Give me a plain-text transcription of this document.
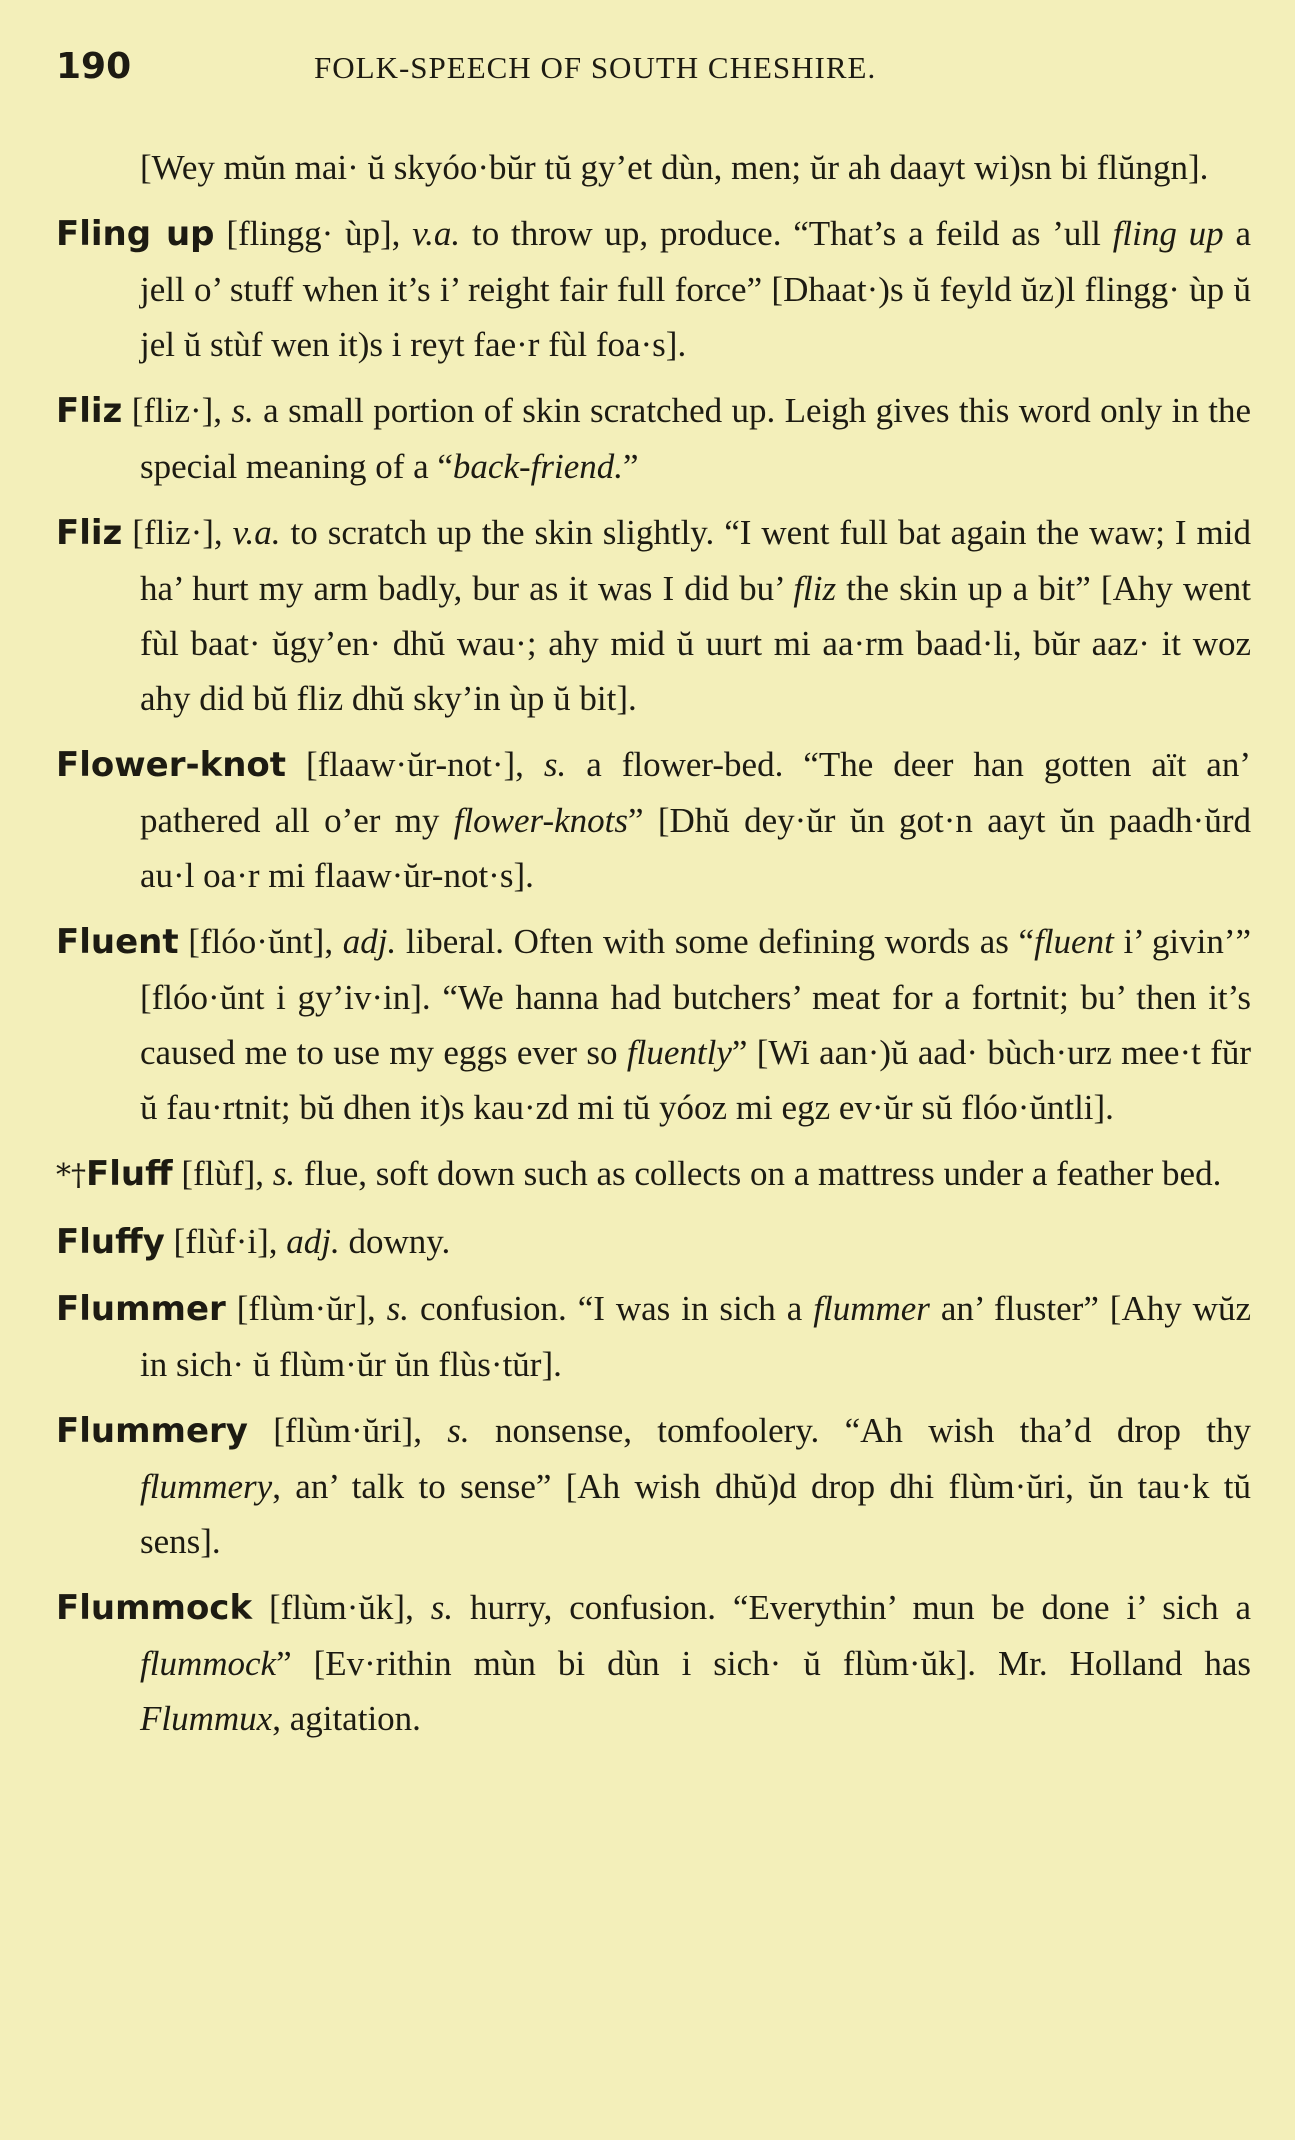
190	FOLK-SPEECH OF SOUTH CHESHIRE.

[Wey mŭn mai· ŭ skyóo·bŭr tŭ gy’et dùn, men; ŭr ah daayt wi)sn bi flŭngn].

Fling up [flingg· ùp], v.a. to throw up, produce. “That’s a feild as ’ull fling up a jell o’ stuff when it’s i’ reight fair full force” [Dhaat·)s ŭ feyld ŭz)l flingg· ùp ŭ jel ŭ stùf wen it)s i reyt fae·r fùl foa·s].

Fliz [fliz·], s. a small portion of skin scratched up. Leigh gives this word only in the special meaning of a “back-friend.”

Fliz [fliz·], v.a. to scratch up the skin slightly. “I went full bat again the waw; I mid ha’ hurt my arm badly, bur as it was I did bu’ fliz the skin up a bit” [Ahy went fùl baat· ŭgy’en· dhŭ wau·; ahy mid ŭ uurt mi aa·rm baad·li, bŭr aaz· it woz ahy did bŭ fliz dhŭ sky’in ùp ŭ bit].

Flower-knot [flaaw·ŭr-not·], s. a flower-bed. “The deer han gotten aït an’ pathered all o’er my flower-knots” [Dhŭ dey·ŭr ŭn got·n aayt ŭn paadh·ŭrd au·l oa·r mi flaaw·ŭr-not·s].

Fluent [flóo·ŭnt], adj. liberal. Often with some defining words as “fluent i’ givin’” [flóo·ŭnt i gy’iv·in]. “We hanna had butchers’ meat for a fortnit; bu’ then it’s caused me to use my eggs ever so fluently” [Wi aan·)ŭ aad· bùch·urz mee·t fŭr ŭ fau·rtnit; bŭ dhen it)s kau·zd mi tŭ yóoz mi egz ev·ŭr sŭ flóo·ŭntli].

*†Fluff [flùf], s. flue, soft down such as collects on a mattress under a feather bed.

Fluffy [flùf·i], adj. downy.

Flummer [flùm·ŭr], s. confusion. “I was in sich a flummer an’ fluster” [Ahy wŭz in sich· ŭ flùm·ŭr ŭn flùs·tŭr].

Flummery [flùm·ŭri], s. nonsense, tomfoolery. “Ah wish tha’d drop thy flummery, an’ talk to sense” [Ah wish dhŭ)d drop dhi flùm·ŭri, ŭn tau·k tŭ sens].

Flummock [flùm·ŭk], s. hurry, confusion. “Everythin’ mun be done i’ sich a flummock” [Ev·rithin mùn bi dùn i sich· ŭ flùm·ŭk]. Mr. Holland has Flummux, agitation.
